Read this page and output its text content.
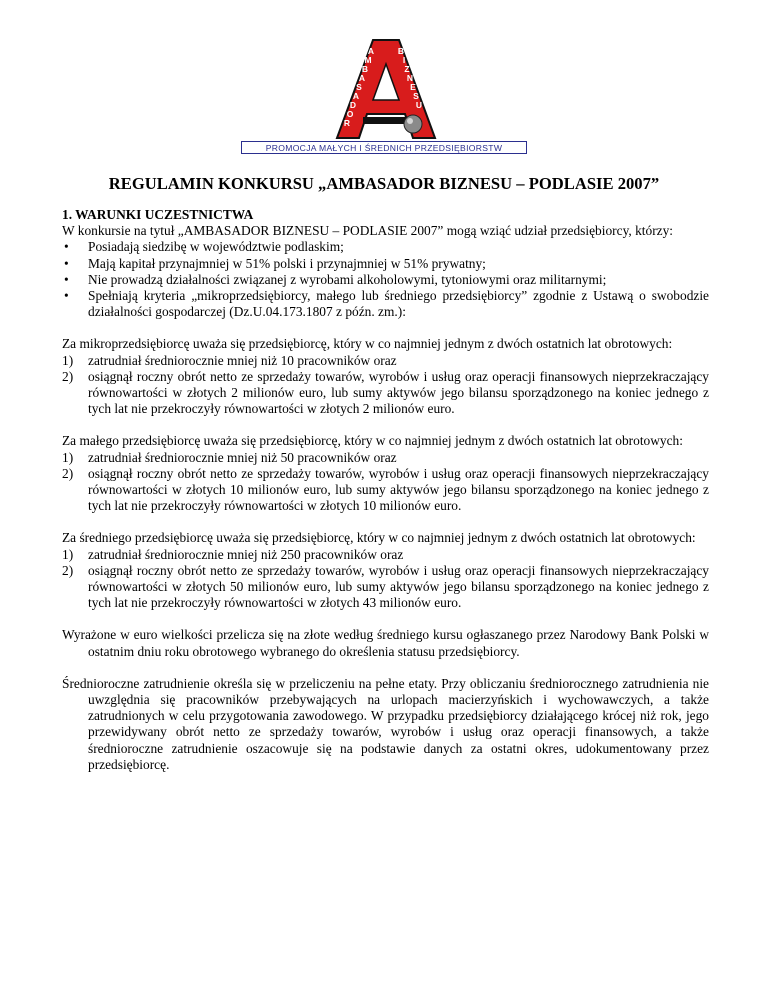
A
M
B
A
S
A
D
O
R
B
I
Z
N
E
S
U
PROMOCJA MAŁYCH I ŚREDNICH PRZEDSIĘBIORSTW
REGULAMIN KONKURSU „AMBASADOR BIZNESU – PODLASIE 2007”

1. WARUNKI UCZESTNICTWA

W konkursie na tytuł „AMBASADOR BIZNESU – PODLASIE 2007” mogą wziąć udział przedsiębiorcy, którzy:

• Posiadają siedzibę w województwie podlaskim;
• Mają kapitał przynajmniej w 51% polski i przynajmniej w 51% prywatny;
• Nie prowadzą działalności związanej z wyrobami alkoholowymi, tytoniowymi oraz militarnymi;
• Spełniają kryteria „mikroprzedsiębiorcy, małego lub średniego przedsiębiorcy” zgodnie z Ustawą o swobodzie działalności gospodarczej (Dz.U.04.173.1807 z późn. zm.):

Za mikroprzedsiębiorcę uważa się przedsiębiorcę, który w co najmniej jednym z dwóch ostatnich lat obrotowych:

1) zatrudniał średniorocznie mniej niż 10 pracowników oraz
2) osiągnął roczny obrót netto ze sprzedaży towarów, wyrobów i usług oraz operacji finansowych nieprzekraczający równowartości w złotych 2 milionów euro, lub sumy aktywów jego bilansu sporządzonego na koniec jednego z tych lat nie przekroczyły równowartości w złotych 2 milionów euro.

Za małego przedsiębiorcę uważa się przedsiębiorcę, który w co najmniej jednym z dwóch ostatnich lat obrotowych:

1) zatrudniał średniorocznie mniej niż 50 pracowników oraz
2) osiągnął roczny obrót netto ze sprzedaży towarów, wyrobów i usług oraz operacji finansowych nieprzekraczający równowartości w złotych 10 milionów euro, lub sumy aktywów jego bilansu sporządzonego na koniec jednego z tych lat nie przekroczyły równowartości w złotych 10 milionów euro.

Za średniego przedsiębiorcę uważa się przedsiębiorcę, który w co najmniej jednym z dwóch ostatnich lat obrotowych:

1) zatrudniał średniorocznie mniej niż 250 pracowników oraz
2) osiągnął roczny obrót netto ze sprzedaży towarów, wyrobów i usług oraz operacji finansowych nieprzekraczający równowartości w złotych 50 milionów euro, lub sumy aktywów jego bilansu sporządzonego na koniec jednego z tych lat nie przekroczyły równowartości w złotych 43 milionów euro.

Wyrażone w euro wielkości przelicza się na złote według średniego kursu ogłaszanego przez Narodowy Bank Polski w ostatnim dniu roku obrotowego wybranego do określenia statusu przedsiębiorcy.

Średnioroczne zatrudnienie określa się w przeliczeniu na pełne etaty. Przy obliczaniu średniorocznego zatrudnienia nie uwzględnia się pracowników przebywających na urlopach macierzyńskich i wychowawczych, a także zatrudnionych w celu przygotowania zawodowego. W przypadku przedsiębiorcy działającego krócej niż rok, jego przewidywany obrót netto ze sprzedaży towarów, wyrobów i usług oraz operacji finansowych, a także średnioroczne zatrudnienie oszacowuje się na podstawie danych za ostatni okres, udokumentowany przez przedsiębiorcę.
